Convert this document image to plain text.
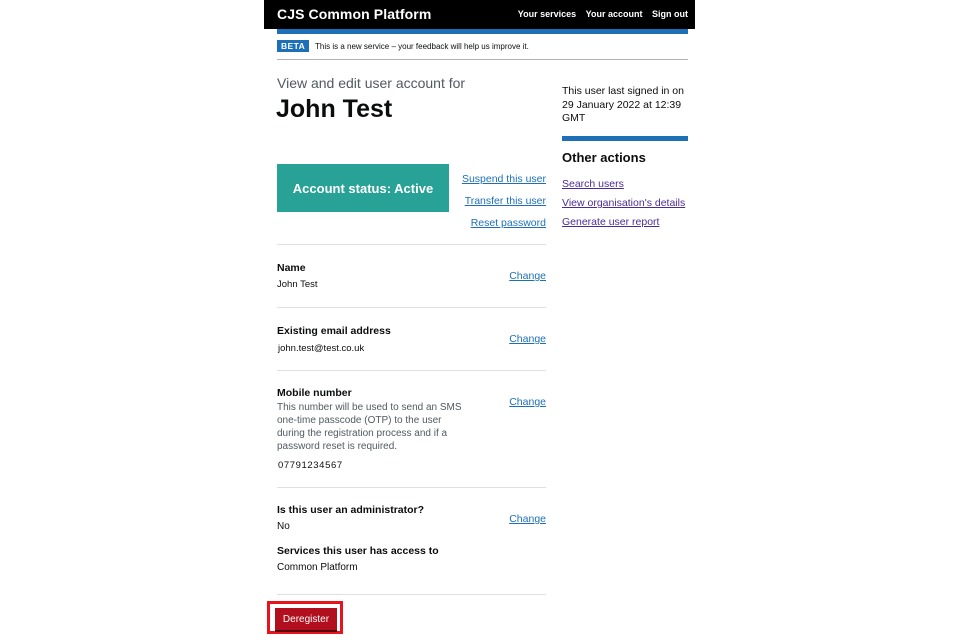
CJS Common Platform	Your services Your account Sign out
BETA	This is a new service – your feedback will help us improve it.
View and edit user account for
John Test
Account status: Active
Suspend this user
Transfer this user
Reset password
Name
John Test
Change
Existing email address
john.test@test.co.uk
Change
Mobile number
This number will be used to send an SMS one-time passcode (OTP) to the user during the registration process and if a password reset is required.
07791234567
Change
Is this user an administrator?
No
Services this user has access to
Common Platform
Change
Deregister
This user last signed in on 29 January 2022 at 12:39 GMT
Other actions
Search users
View organisation's details
Generate user report
